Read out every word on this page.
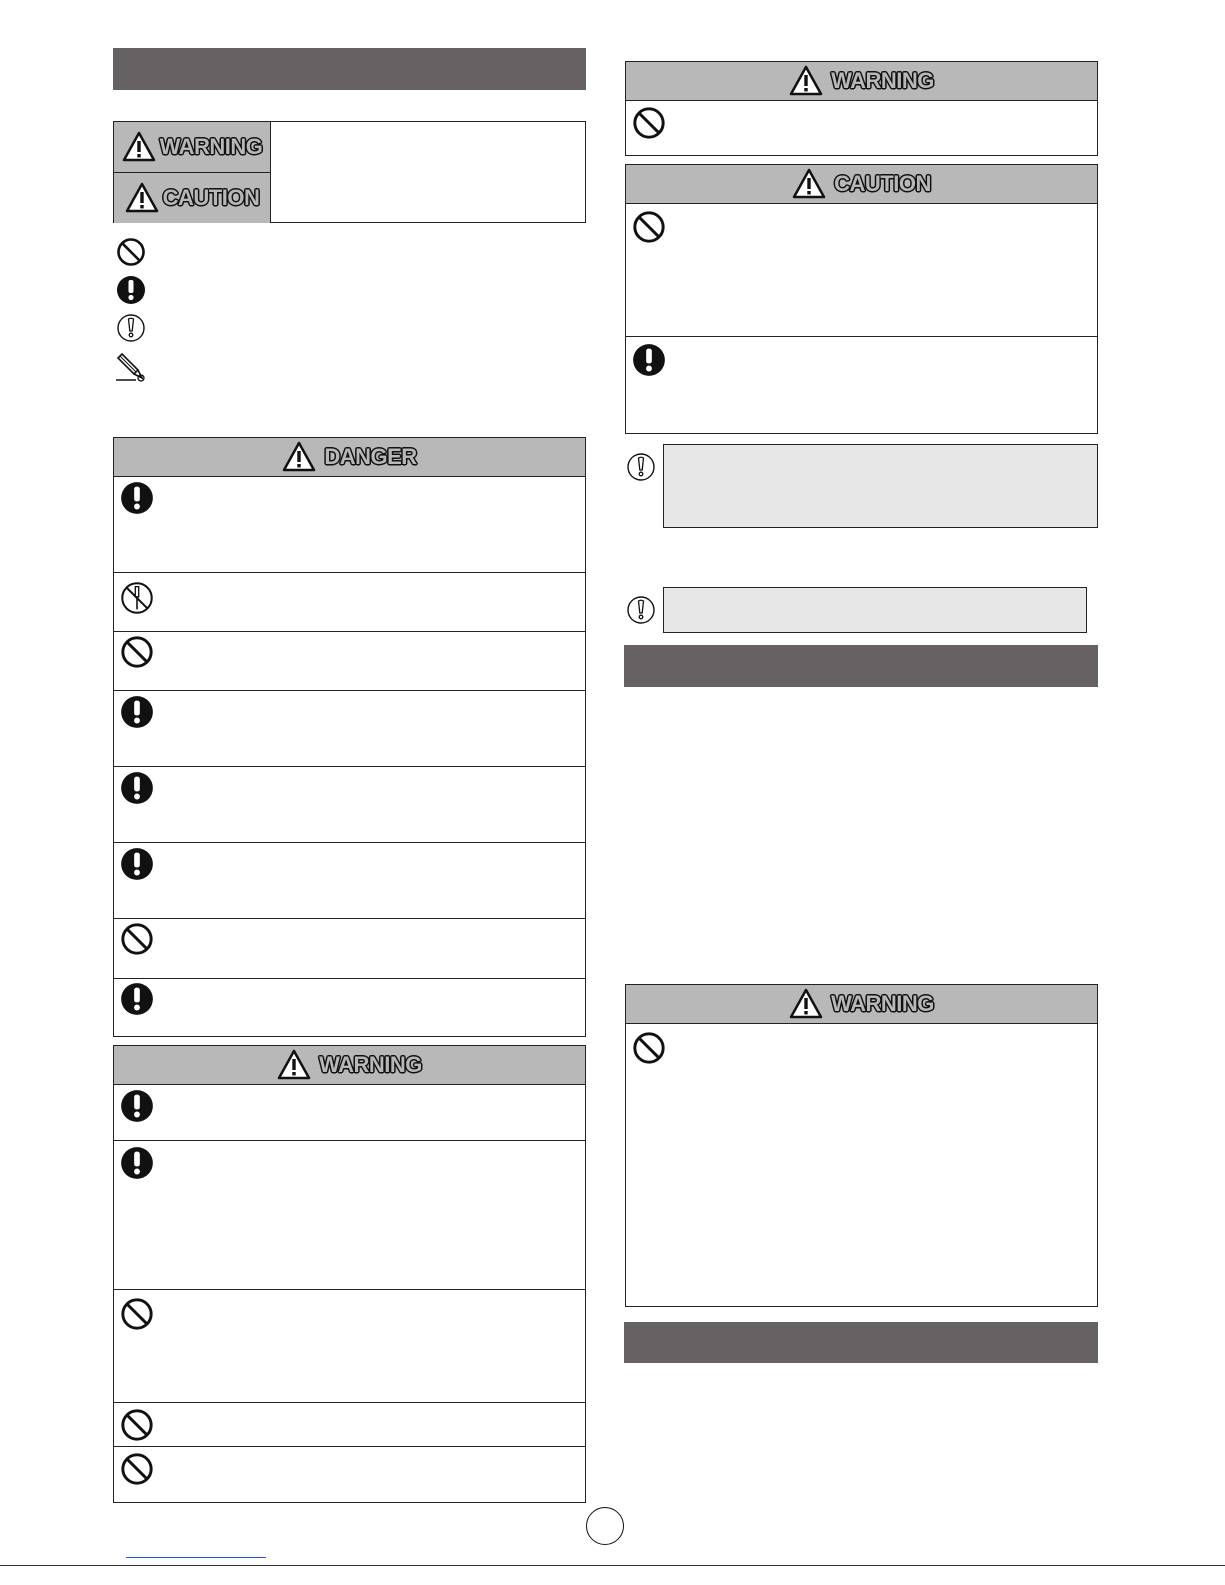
WARNING
CAUTION
DANGER
WARNING
WARNING
CAUTION
WARNING
